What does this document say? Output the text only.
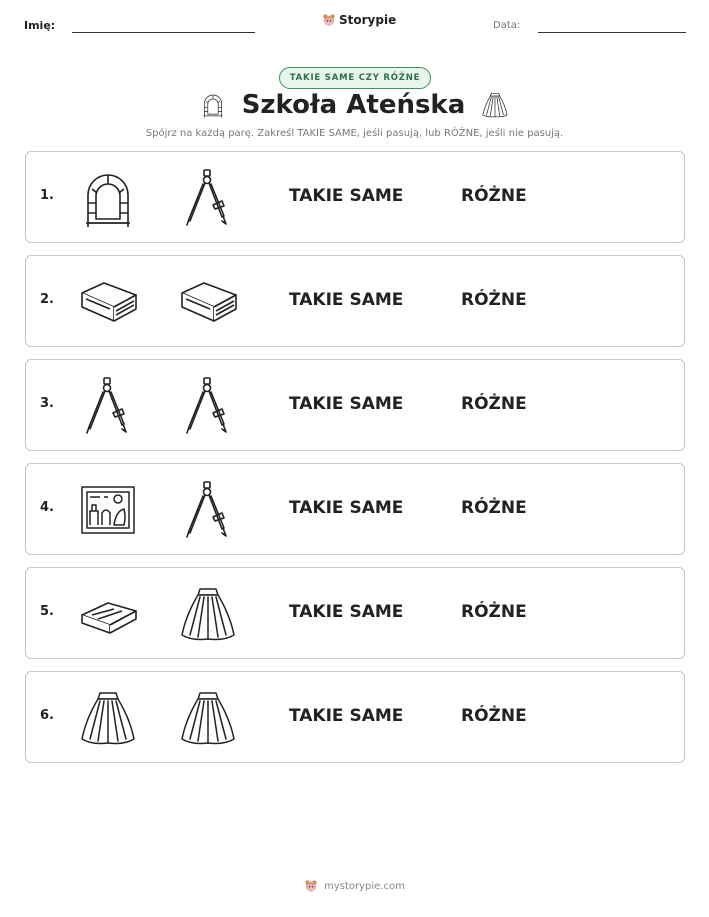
Imię:	Storypie	Data:
TAKIE SAME CZY RÓŻNE
Szkoła Ateńska
Spójrz na każdą parę. Zakreśl TAKIE SAME, jeśli pasują, lub RÓŻNE, jeśli nie pasują.
1.	TAKIE SAME	RÓŻNE
2.	TAKIE SAME	RÓŻNE
3.	TAKIE SAME	RÓŻNE
4.	TAKIE SAME	RÓŻNE
5.	TAKIE SAME	RÓŻNE
6.	TAKIE SAME	RÓŻNE
mystorypie.com
